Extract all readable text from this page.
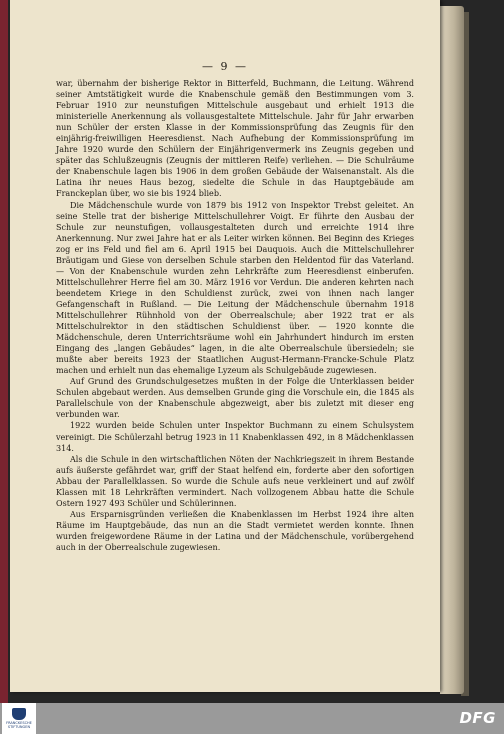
— 9 —

war, übernahm der bisherige Rektor in Bitterfeld, Buchmann, die Leitung. Während seiner Amtstätigkeit wurde die Knabenschule gemäß den Bestimmungen vom 3. Februar 1910 zur neunstufigen Mittelschule ausgebaut und erhielt 1913 die ministerielle Anerkennung als vollausgestaltete Mittelschule. Jahr für Jahr erwarben nun Schüler der ersten Klasse in der Kommissionsprüfung das Zeugnis für den einjährig-freiwilligen Heeresdienst. Nach Aufhebung der Kommissionsprüfung im Jahre 1920 wurde den Schülern der Einjährigenvermerk ins Zeugnis gegeben und später das Schlußzeugnis (Zeugnis der mittleren Reife) verliehen. — Die Schulräume der Knabenschule lagen bis 1906 in dem großen Gebäude der Waisenanstalt. Als die Latina ihr neues Haus bezog, siedelte die Schule in das Hauptgebäude am Franckeplan über, wo sie bis 1924 blieb.

Die Mädchenschule wurde von 1879 bis 1912 von Inspektor Trebst geleitet. An seine Stelle trat der bisherige Mittelschullehrer Voigt. Er führte den Ausbau der Schule zur neunstufigen, vollausgestalteten durch und erreichte 1914 ihre Anerkennung. Nur zwei Jahre hat er als Leiter wirken können. Bei Beginn des Krieges zog er ins Feld und fiel am 6. April 1915 bei Dauquois. Auch die Mittelschullehrer Bräutigam und Giese von derselben Schule starben den Heldentod für das Vaterland. — Von der Knabenschule wurden zehn Lehrkräfte zum Heeresdienst einberufen. Mittelschullehrer Herre fiel am 30. März 1916 vor Verdun. Die anderen kehrten nach beendetem Kriege in den Schuldienst zurück, zwei von ihnen nach langer Gefangenschaft in Rußland. — Die Leitung der Mädchenschule übernahm 1918 Mittelschullehrer Rühnhold von der Oberrealschule; aber 1922 trat er als Mittelschulrektor in den städtischen Schuldienst über. — 1920 konnte die Mädchenschule, deren Unterrichtsräume wohl ein Jahrhundert hindurch im ersten Eingang des „langen Gebäudes“ lagen, in die alte Oberrealschule übersiedeln; sie mußte aber bereits 1923 der Staatlichen August-Hermann-Francke-Schule Platz machen und erhielt nun das ehemalige Lyzeum als Schulgebäude zugewiesen.

Auf Grund des Grundschulgesetzes mußten in der Folge die Unterklassen beider Schulen abgebaut werden. Aus demselben Grunde ging die Vorschule ein, die 1845 als Parallelschule von der Knabenschule abgezweigt, aber bis zuletzt mit dieser eng verbunden war.

1922 wurden beide Schulen unter Inspektor Buchmann zu einem Schulsystem vereinigt. Die Schülerzahl betrug 1923 in 11 Knabenklassen 492, in 8 Mädchenklassen 314.

Als die Schule in den wirtschaftlichen Nöten der Nachkriegszeit in ihrem Bestande aufs äußerste gefährdet war, griff der Staat helfend ein, forderte aber den sofortigen Abbau der Parallelklassen. So wurde die Schule aufs neue verkleinert und auf zwölf Klassen mit 18 Lehrkräften vermindert. Nach vollzogenem Abbau hatte die Schule Ostern 1927 493 Schüler und Schülerinnen.

Aus Ersparnisgründen verließen die Knabenklassen im Herbst 1924 ihre alten Räume im Hauptgebäude, das nun an die Stadt vermietet werden konnte. Ihnen wurden freigewordene Räume in der Latina und der Mädchenschule, vorübergehend auch in der Oberrealschule zugewiesen.

FRANCKESCHE STIFTUNGEN	DFG
